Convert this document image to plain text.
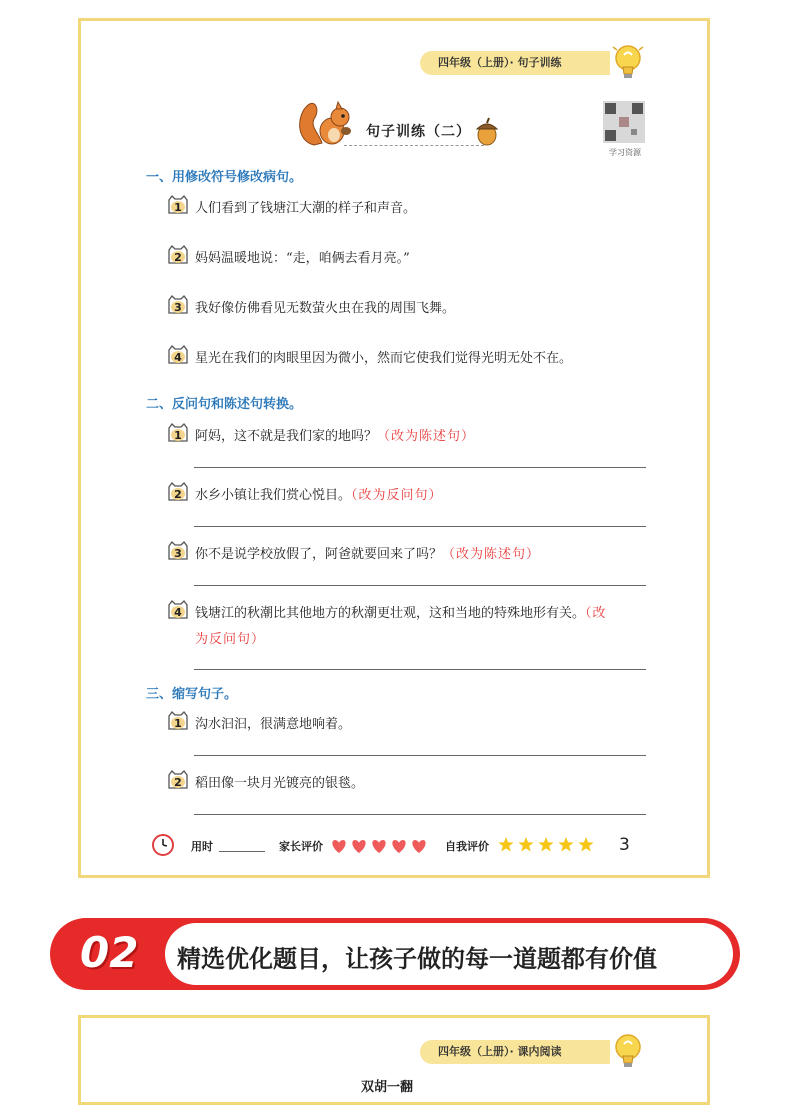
四年级（上册）· 句子训练
句子训练（二）
学习资源
一、用修改符号修改病句。
1 人们看到了钱塘江大潮的样子和声音。
2 妈妈温暖地说：“走，咱俩去看月亮。”
3 我好像仿佛看见无数萤火虫在我的周围飞舞。
4 星光在我们的肉眼里因为微小，然而它使我们觉得光明无处不在。
二、反问句和陈述句转换。
1 阿妈，这不就是我们家的地吗？（改为陈述句）
2 水乡小镇让我们赏心悦目。（改为反问句）
3 你不是说学校放假了，阿爸就要回来了吗？（改为陈述句）
4 钱塘江的秋潮比其他地方的秋潮更壮观，这和当地的特殊地形有关。（改
为反问句）
三、缩写句子。
1 沟水汩汩，很满意地响着。
2 稻田像一块月光镀亮的银毯。
用时	家长评价	自我评价	3
02 精选优化题目，让孩子做的每一道题都有价值
四年级（上册）· 课内阅读
双胡一翻
